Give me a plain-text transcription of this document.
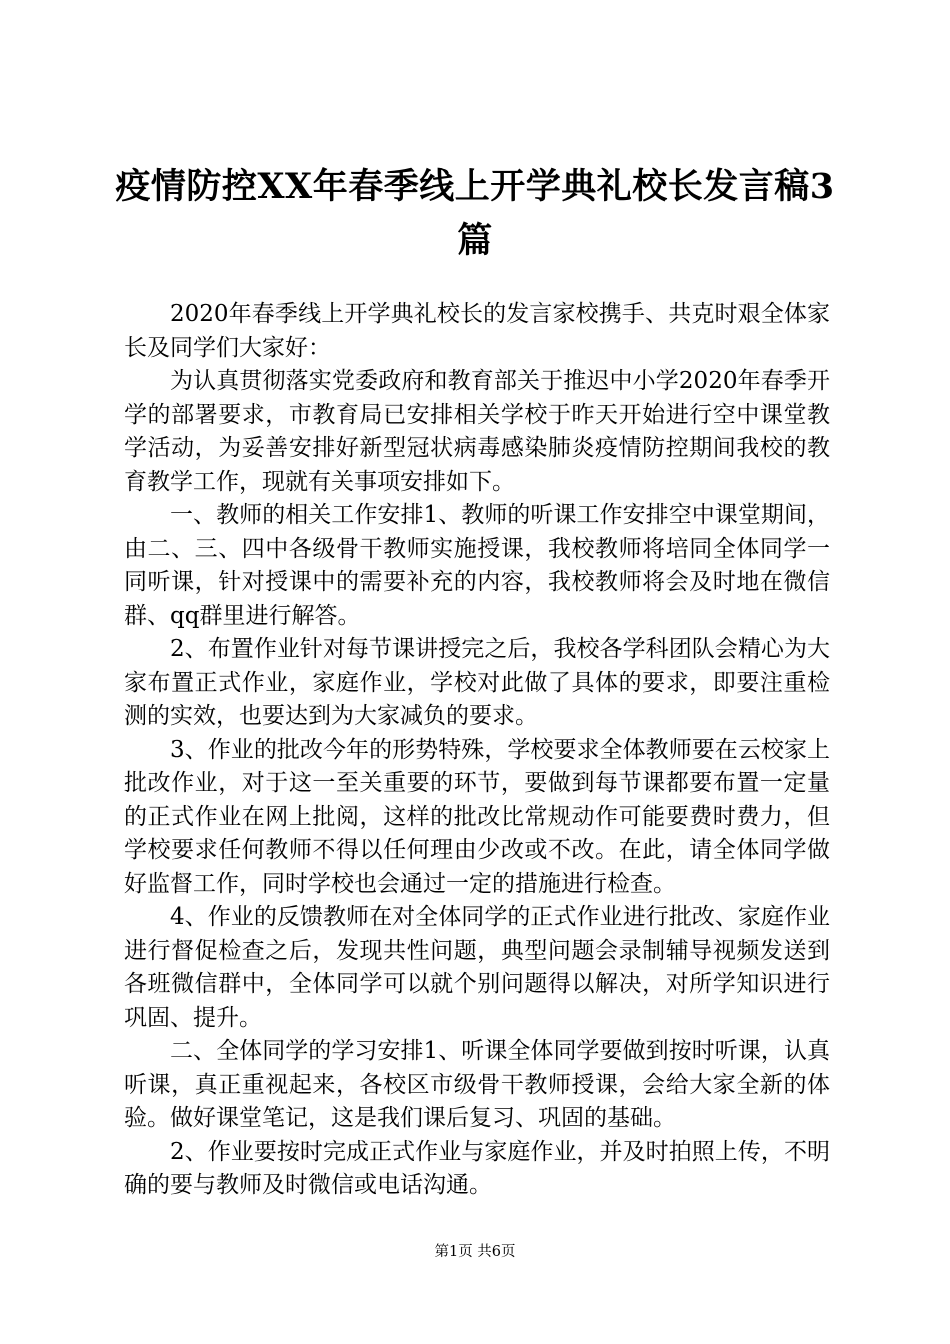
疫情防控XX年春季线上开学典礼校长发言稿3篇

2020年春季线上开学典礼校长的发言家校携手、共克时艰全体家长及同学们大家好：

为认真贯彻落实党委政府和教育部关于推迟中小学2020年春季开学的部署要求，市教育局已安排相关学校于昨天开始进行空中课堂教学活动，为妥善安排好新型冠状病毒感染肺炎疫情防控期间我校的教育教学工作，现就有关事项安排如下。

一、教师的相关工作安排1、教师的听课工作安排空中课堂期间，由二、三、四中各级骨干教师实施授课，我校教师将培同全体同学一同听课，针对授课中的需要补充的内容，我校教师将会及时地在微信群、qq群里进行解答。

2、布置作业针对每节课讲授完之后，我校各学科团队会精心为大家布置正式作业，家庭作业，学校对此做了具体的要求，即要注重检测的实效，也要达到为大家减负的要求。

3、作业的批改今年的形势特殊，学校要求全体教师要在云校家上批改作业，对于这一至关重要的环节，要做到每节课都要布置一定量的正式作业在网上批阅，这样的批改比常规动作可能要费时费力，但学校要求任何教师不得以任何理由少改或不改。在此，请全体同学做好监督工作，同时学校也会通过一定的措施进行检查。

4、作业的反馈教师在对全体同学的正式作业进行批改、家庭作业进行督促检查之后，发现共性问题，典型问题会录制辅导视频发送到各班微信群中，全体同学可以就个别问题得以解决，对所学知识进行巩固、提升。

二、全体同学的学习安排1、听课全体同学要做到按时听课，认真听课，真正重视起来，各校区市级骨干教师授课，会给大家全新的体验。做好课堂笔记，这是我们课后复习、巩固的基础。

2、作业要按时完成正式作业与家庭作业，并及时拍照上传，不明确的要与教师及时微信或电话沟通。

第1页 共6页
